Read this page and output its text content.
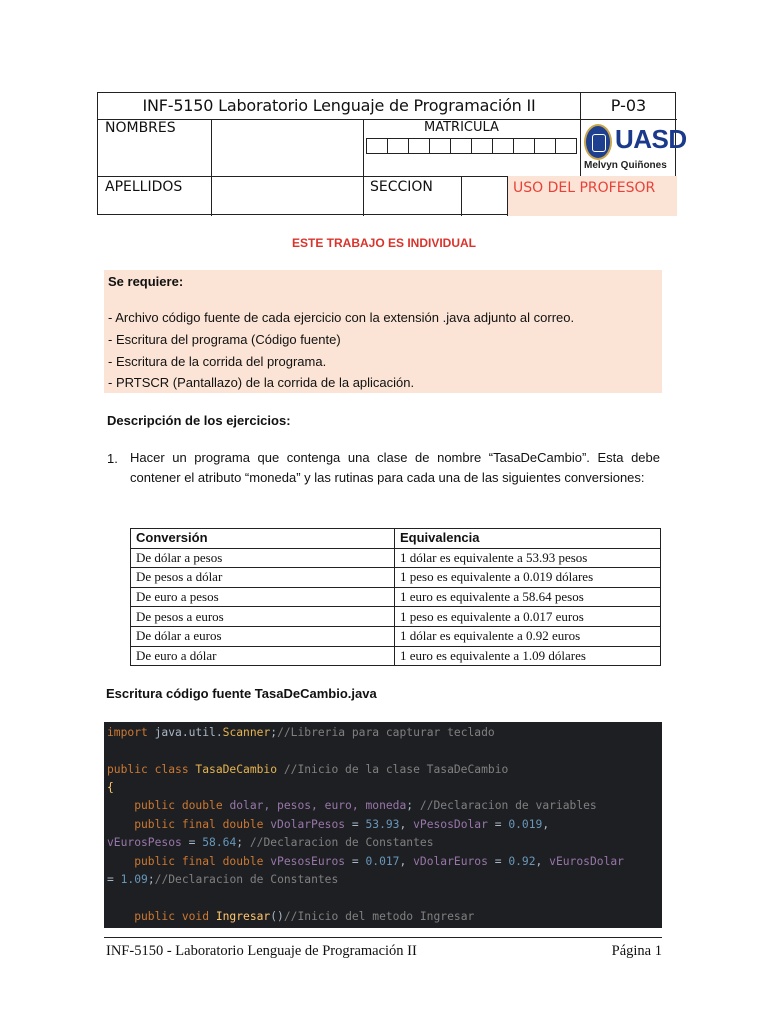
INF-5150 Laboratorio Lenguaje de Programación II	P-03
NOMBRES	MATRICULA
APELLIDOS	SECCION	USO DEL PROFESOR
UASD
Melvyn Quiñones
ESTE TRABAJO ES INDIVIDUAL
Se requiere:
- Archivo código fuente de cada ejercicio con la extensión .java adjunto al correo.
- Escritura del programa (Código fuente)
- Escritura de la corrida del programa.
- PRTSCR (Pantallazo) de la corrida de la aplicación.
Descripción de los ejercicios:
1. Hacer un programa que contenga una clase de nombre “TasaDeCambio”. Esta debe contener el atributo “moneda” y las rutinas para cada una de las siguientes conversiones:
Conversión	Equivalencia
De dólar a pesos	1 dólar es equivalente a 53.93 pesos
De pesos a dólar	1 peso es equivalente a 0.019 dólares
De euro a pesos	1 euro es equivalente a 58.64 pesos
De pesos a euros	1 peso es equivalente a 0.017 euros
De dólar a euros	1 dólar es equivalente a 0.92 euros
De euro a dólar	1 euro es equivalente a 1.09 dólares
Escritura código fuente TasaDeCambio.java
import java.util.Scanner;//Libreria para capturar teclado
public class TasaDeCambio //Inicio de la clase TasaDeCambio
{
public double dolar, pesos, euro, moneda; //Declaracion de variables
public final double vDolarPesos = 53.93, vPesosDolar = 0.019,
vEurosPesos = 58.64; //Declaracion de Constantes
public final double vPesosEuros = 0.017, vDolarEuros = 0.92, vEurosDolar
= 1.09;//Declaracion de Constantes
public void Ingresar()//Inicio del metodo Ingresar
INF-5150 - Laboratorio Lenguaje de Programación II	Página 1
